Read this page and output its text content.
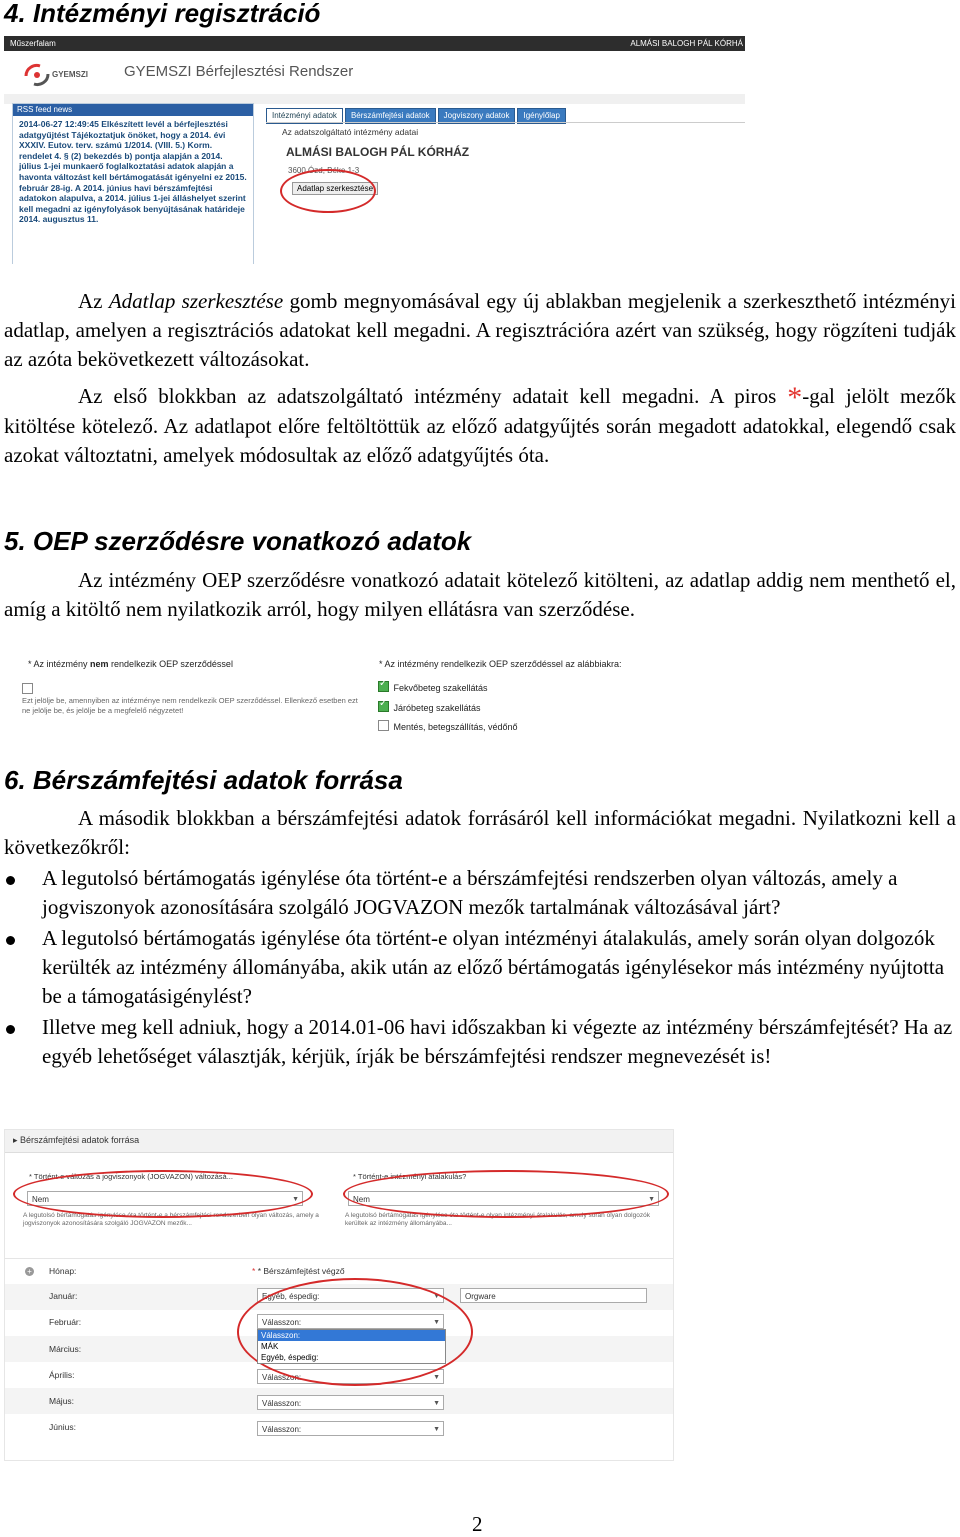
4. Intézményi regisztráció
Műszerfalam	ALMÁSI BALOGH PÁL KÓRHÁ
GYEMSZI GYEMSZI Bérfejlesztési Rendszer
RSS feed news
2014-06-27 12:49:45 Elkészített levél a bérfejlesztési adatgyűjtést Tájékoztatjuk önöket, hogy a 2014. évi XXXIV. Eutov. terv. számú 1/2014. (VIII. 5.) Korm. rendelet 4. § (2) bekezdés b) pontja alapján a 2014. július 1-jei munkaerő foglalkoztatási adatok alapján a havonta változást kell bértámogatását igényelni ez 2015. február 28-ig. A 2014. június havi bérszámfejtési adatokon alapulva, a 2014. július 1-jei álláshelyet szerint kell megadni az igényfolyások benyújtásának határideje 2014. augusztus 11.
Intézményi adatok Bérszámfejtési adatok Jogviszony adatok Igénylőlap
Az adatszolgáltató intézmény adatai
ALMÁSI BALOGH PÁL KÓRHÁZ
3600 Ózd, Béke 1-3
Adatlap szerkesztése
Az Adatlap szerkesztése gomb megnyomásával egy új ablakban megjelenik a szerkeszthető intézményi adatlap, amelyen a regisztrációs adatokat kell megadni. A regisztrációra azért van szükség, hogy rögzíteni tudják az azóta bekövetkezett változásokat.
Az első blokkban az adatszolgáltató intézmény adatait kell megadni. A piros *-gal jelölt mezők kitöltése kötelező. Az adatlapot előre feltöltöttük az előző adatgyűjtés során megadott adatokkal, elegendő csak azokat változtatni, amelyek módosultak az előző adatgyűjtés óta.
5. OEP szerződésre vonatkozó adatok
Az intézmény OEP szerződésre vonatkozó adatait kötelező kitölteni, az adatlap addig nem menthető el, amíg a kitöltő nem nyilatkozik arról, hogy milyen ellátásra van szerződése.
* Az intézmény nem rendelkezik OEP szerződéssel
Ezt jelölje be, amennyiben az intézménye nem rendelkezik OEP szerződéssel. Ellenkező esetben ezt ne jelölje be, és jelölje be a megfelelő négyzetet!
* Az intézmény rendelkezik OEP szerződéssel az alábbiakra:
✓ Fekvőbeteg szakellátás
✓ Járóbeteg szakellátás
Mentés, betegszállítás, védőnő
6. Bérszámfejtési adatok forrása
A második blokkban a bérszámfejtési adatok forrásáról kell információkat megadni. Nyilatkozni kell a következőkről:
A legutolsó bértámogatás igénylése óta történt-e a bérszámfejtési rendszerben olyan változás, amely a jogviszonyok azonosítására szolgáló JOGVAZON mezők tartalmának változásával járt?
A legutolsó bértámogatás igénylése óta történt-e olyan intézményi átalakulás, amely során olyan dolgozók kerülték az intézmény állományába, akik után az előző bértámogatás igénylésekor más intézmény nyújtotta be a támogatásigénylést?
Illetve meg kell adniuk, hogy a 2014.01-06 havi időszakban ki végezte az intézmény bérszámfejtését? Ha az egyéb lehetőséget választják, kérjük, írják be bérszámfejtési rendszer megnevezését is!
▸ Bérszámfejtési adatok forrása
* Történt-e változás a jogviszonyok (JOGVAZON) változásá...
Nem	▼
A legutolsó bértámogatás igénylése óta történt-e a bérszámfejtési rendszerben olyan változás, amely a jogviszonyok azonosítására szolgáló JOGVAZON mezők...
* Történt-e intézményi átalakulás?
Nem	▼
A legutolsó bértámogatás igénylése óta történt-e olyan intézményi átalakulás, amely során olyan dolgozók kerültek az intézmény állományába...
+ Hónap:	* * Bérszámfejtést végző
Január:	Egyéb, éspedig:	▼	Orgware
Február:	Válasszon:	▼
Válasszon:
MÁK
Egyéb, éspedig:
Március:
Április:	Válasszon:	▼
Május:	Válasszon:	▼
Június:	Válasszon:	▼
2
